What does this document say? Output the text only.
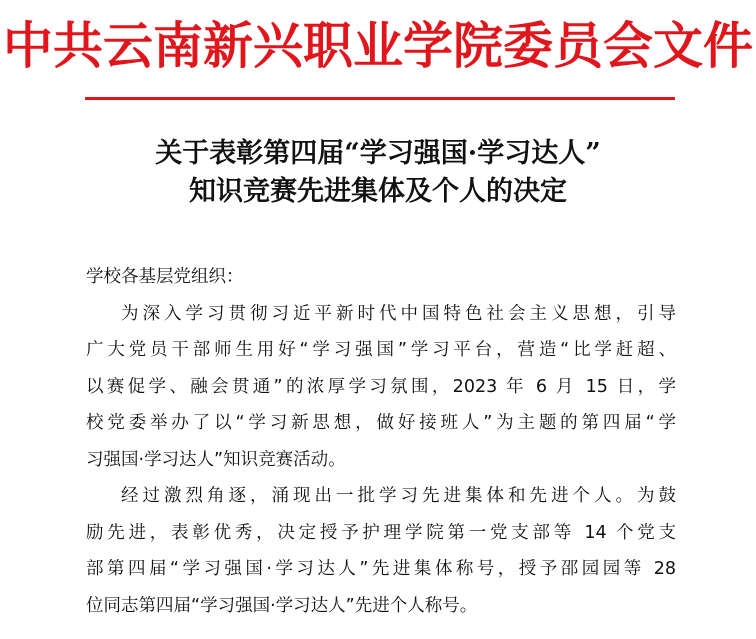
中共云南新兴职业学院委员会文件
关于表彰第四届“学习强国·学习达人”
知识竞赛先进集体及个人的决定
学校各基层党组织：
为深入学习贯彻习近平新时代中国特色社会主义思想，引导
广大党员干部师生用好“学习强国”学习平台，营造“比学赶超、
以赛促学、融会贯通”的浓厚学习氛围，2023 年 6 月 15 日，学
校党委举办了以“学习新思想，做好接班人”为主题的第四届“学
习强国·学习达人”知识竞赛活动。
经过激烈角逐，涌现出一批学习先进集体和先进个人。为鼓
励先进，表彰优秀，决定授予护理学院第一党支部等 14 个党支
部第四届“学习强国·学习达人”先进集体称号，授予邵园园等 28
位同志第四届“学习强国·学习达人”先进个人称号。
